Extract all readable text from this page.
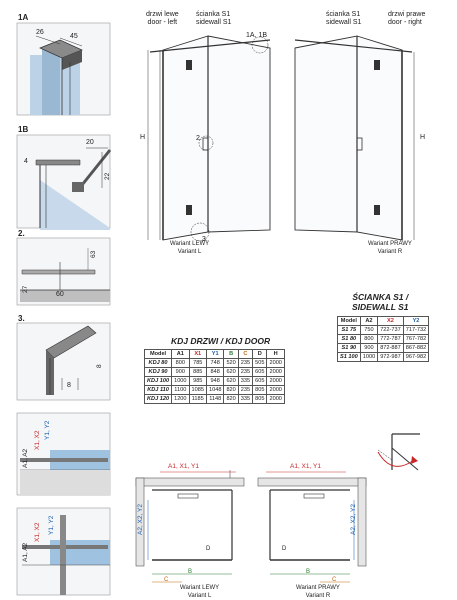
1A
26
45
1B
20
4
22
2.
63
27
60
3.
8
8
A1, A2
X1, X2
Y1, Y2
A1, A2
X1, X2 Y1, Y2
drzwi lewe
door - left
ścianka S1
sidewall S1
1A, 1B
H	2.
3.
Wariant LEWY
Variant L
ścianka S1
sidewall S1
drzwi prawe
door - right
H
Wariant PRAWY
Variant R
ŚCIANKA S1 /
SIDEWALL S1
Model	A2	X2	Y2
S1 75	750	722-737	717-732
S1 80	800	772-787	767-782
S1 90	900	872-887	867-882
S1 100	1000	972-987	967-982
KDJ DRZWI / KDJ DOOR
Model	A1	X1	Y1	B	C	D	H
KDJ 80	800	785	748	520	235	505	2000
KDJ 90	900	885	848	620	235	605	2000
KDJ 100	1000	985	948	620	335	605	2000
KDJ 110	1100	1085	1048	820	235	805	2000
KDJ 120	1200	1185	1148	820	335	805	2000
A1, X1, Y1
A2, X2, Y2
B
C
D
Wariant LEWY
Variant L
A1, X1, Y1
A2, X2, Y2
B
C
D
Wariant PRAWY
Variant R
